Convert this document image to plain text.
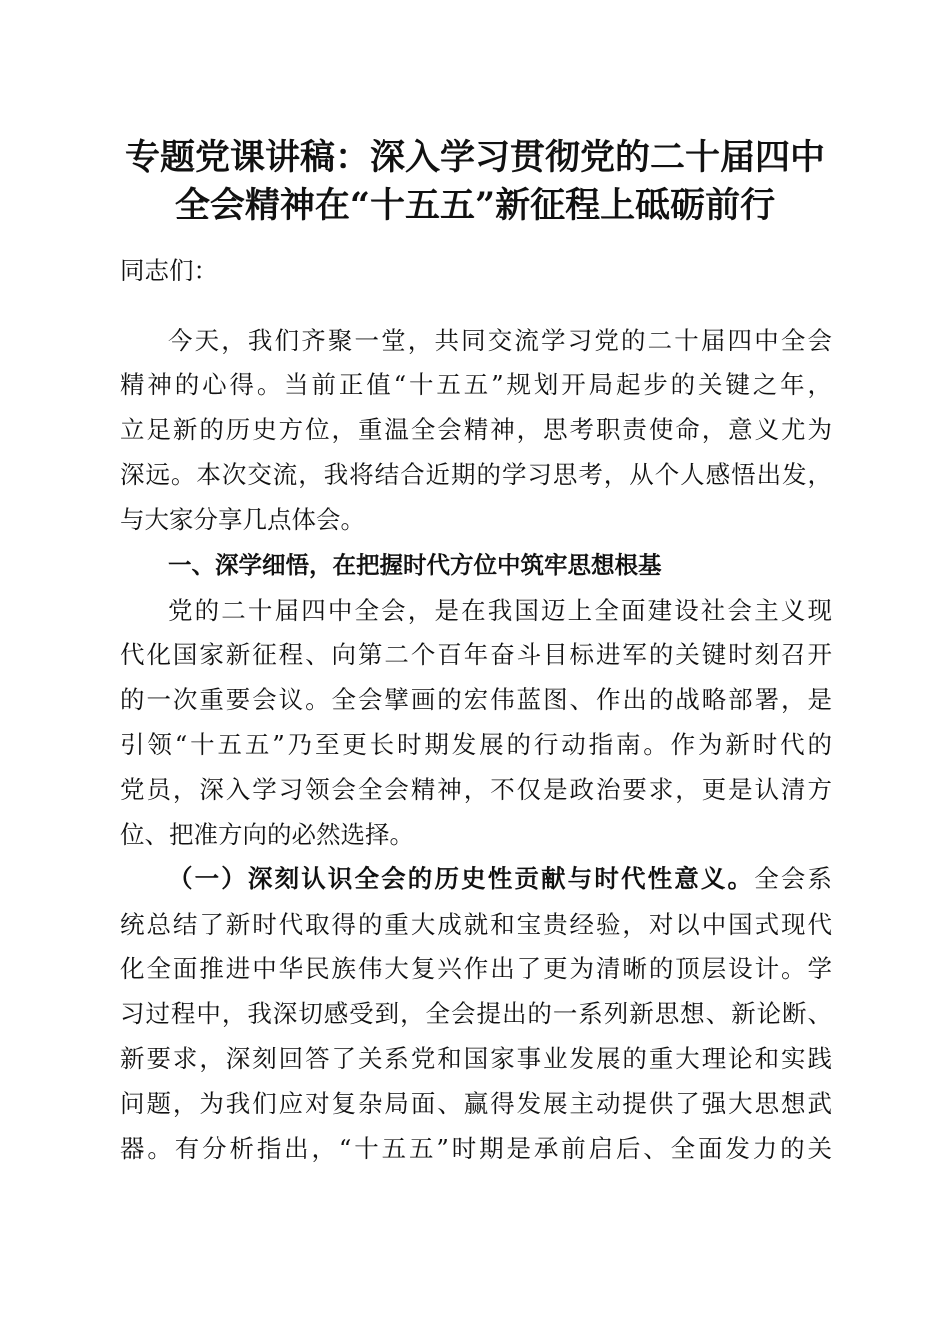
专题党课讲稿：深入学习贯彻党的二十届四中
全会精神在“十五五”新征程上砥砺前行

同志们：

今天，我们齐聚一堂，共同交流学习党的二十届四中全会

精神的心得。当前正值“十五五”规划开局起步的关键之年，

立足新的历史方位，重温全会精神，思考职责使命，意义尤为

深远。本次交流，我将结合近期的学习思考，从个人感悟出发，

与大家分享几点体会。

一、深学细悟，在把握时代方位中筑牢思想根基

党的二十届四中全会，是在我国迈上全面建设社会主义现

代化国家新征程、向第二个百年奋斗目标进军的关键时刻召开

的一次重要会议。全会擘画的宏伟蓝图、作出的战略部署，是

引领“十五五”乃至更长时期发展的行动指南。作为新时代的

党员，深入学习领会全会精神，不仅是政治要求，更是认清方

位、把准方向的必然选择。

（一）深刻认识全会的历史性贡献与时代性意义。全会系

统总结了新时代取得的重大成就和宝贵经验，对以中国式现代

化全面推进中华民族伟大复兴作出了更为清晰的顶层设计。学

习过程中，我深切感受到，全会提出的一系列新思想、新论断、

新要求，深刻回答了关系党和国家事业发展的重大理论和实践

问题，为我们应对复杂局面、赢得发展主动提供了强大思想武

器。有分析指出，“十五五”时期是承前启后、全面发力的关
